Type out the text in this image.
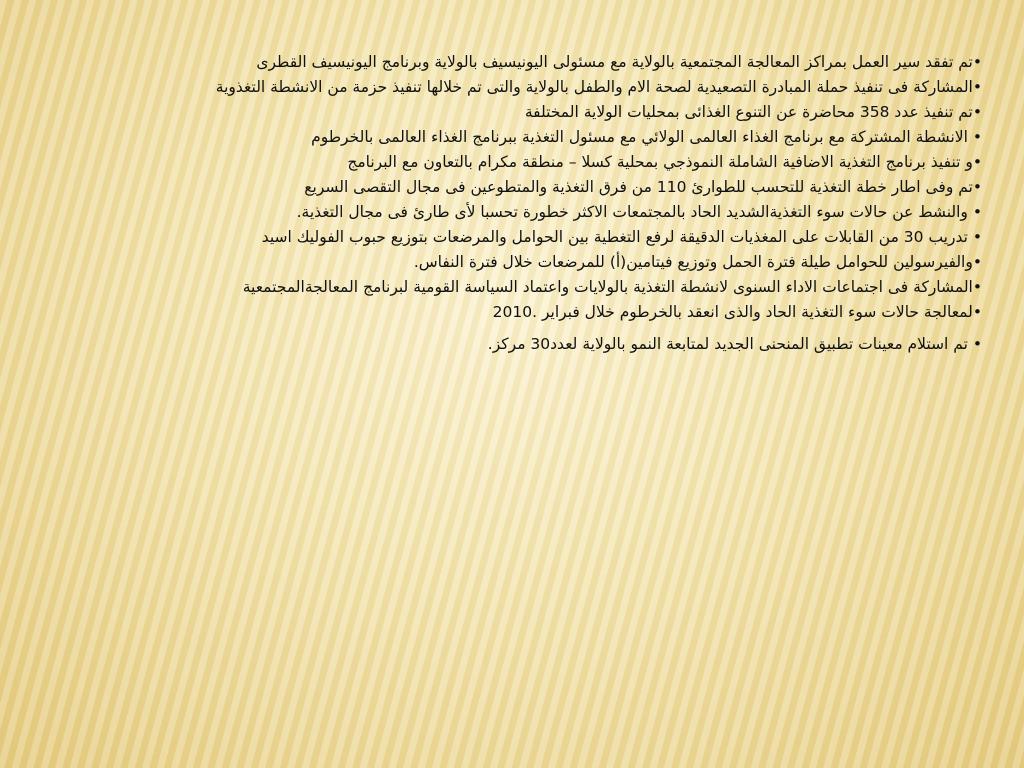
•تم تفقد سير العمل بمراكز المعالجة المجتمعية بالولاية مع مسئولى اليونيسيف بالولاية وبرنامج اليونيسيف القطرى

•المشاركة فى تنفيذ حملة المبادرة التصعيدية لصحة الام والطفل بالولاية والتى تم خلالها تنفيذ حزمة من الانشطة التغذوية

•تم تنفيذ عدد 358 محاضرة عن التنوع الغذائى بمحليات الولاية المختلفة

• الانشطة المشتركة مع برنامج الغذاء العالمى الولائي مع مسئول التغذية ببرنامج الغذاء العالمى بالخرطوم

•و تنفيذ برنامج التغذية الاضافية الشاملة النموذجي بمحلية كسلا – منطقة مكرام بالتعاون مع البرنامج

•تم وفى اطار خطة التغذية للتحسب للطوارئ 110 من فرق التغذية والمتطوعين فى مجال التقصى السريع

• والنشط عن حالات سوء التغذيةالشديد الحاد بالمجتمعات الاكثر خطورة تحسبا لأى طارئ فى مجال التغذية.

• تدريب 30 من القابلات على المغذيات الدقيقة لرفع التغطية بين الحوامل والمرضعات بتوزيع حبوب الفوليك اسيد

•والفيرسولين للحوامل طيلة فترة الحمل وتوزيع فيتامين(أ) للمرضعات خلال فترة النفاس.

•المشاركة فى اجتماعات الاداء السنوى لانشطة التغذية بالولايات واعتماد السياسة القومية لبرنامج المعالجةالمجتمعية

•لمعالجة حالات سوء التغذية الحاد والذى انعقد بالخرطوم خلال فبراير .2010

• تم استلام معينات تطبيق المنحنى الجديد لمتابعة النمو بالولاية لعدد30 مركز.
